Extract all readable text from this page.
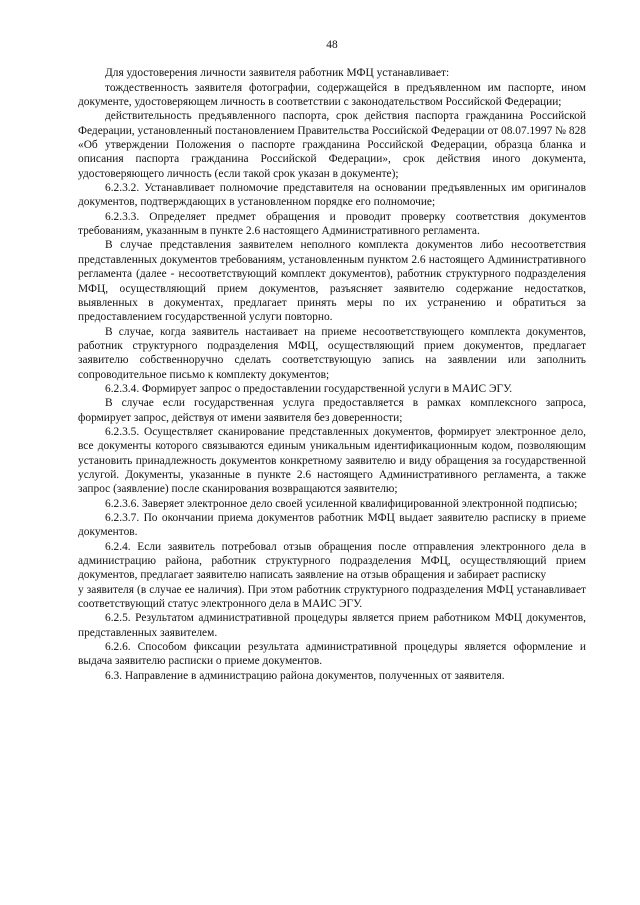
48

Для удостоверения личности заявителя работник МФЦ устанавливает:

тождественность заявителя фотографии, содержащейся в предъявленном им паспорте, ином документе, удостоверяющем личность в соответствии с законодательством Российской Федерации;

действительность предъявленного паспорта, срок действия паспорта гражданина Российской Федерации, установленный постановлением Правительства Российской Федерации от 08.07.1997 № 828 «Об утверждении Положения о паспорте гражданина Российской Федерации, образца бланка и описания паспорта гражданина Российской Федерации», срок действия иного документа, удостоверяющего личность (если такой срок указан в документе);

6.2.3.2. Устанавливает полномочие представителя на основании предъявленных им оригиналов документов, подтверждающих в установленном порядке его полномочие;

6.2.3.3. Определяет предмет обращения и проводит проверку соответствия документов требованиям, указанным в пункте 2.6 настоящего Административного регламента.

В случае представления заявителем неполного комплекта документов либо несоответствия представленных документов требованиям, установленным пунктом 2.6 настоящего Административного регламента (далее - несоответствующий комплект документов), работник структурного подразделения МФЦ, осуществляющий прием документов, разъясняет заявителю содержание недостатков, выявленных в документах, предлагает принять меры по их устранению и обратиться за предоставлением государственной услуги повторно.

В случае, когда заявитель настаивает на приеме несоответствующего комплекта документов, работник структурного подразделения МФЦ, осуществляющий прием документов, предлагает заявителю собственноручно сделать соответствующую запись на заявлении или заполнить сопроводительное письмо к комплекту документов;

6.2.3.4. Формирует запрос о предоставлении государственной услуги в МАИС ЭГУ.

В случае если государственная услуга предоставляется в рамках комплексного запроса, формирует запрос, действуя от имени заявителя без доверенности;

6.2.3.5. Осуществляет сканирование представленных документов, формирует электронное дело, все документы которого связываются единым уникальным идентификационным кодом, позволяющим установить принадлежность документов конкретному заявителю и виду обращения за государственной услугой. Документы, указанные в пункте 2.6 настоящего Административного регламента, а также запрос (заявление) после сканирования возвращаются заявителю;

6.2.3.6. Заверяет электронное дело своей усиленной квалифицированной электронной подписью;

6.2.3.7. По окончании приема документов работник МФЦ выдает заявителю расписку в приеме документов.

6.2.4. Если заявитель потребовал отзыв обращения после отправления электронного дела в администрацию района, работник структурного подразделения МФЦ, осуществляющий прием документов, предлагает заявителю написать заявление на отзыв обращения и забирает расписку

у заявителя (в случае ее наличия). При этом работник структурного подразделения МФЦ устанавливает соответствующий статус электронного дела в МАИС ЭГУ.

6.2.5. Результатом административной процедуры является прием работником МФЦ документов, представленных заявителем.

6.2.6. Способом фиксации результата административной процедуры является оформление и выдача заявителю расписки о приеме документов.

6.3. Направление в администрацию района документов, полученных от заявителя.
